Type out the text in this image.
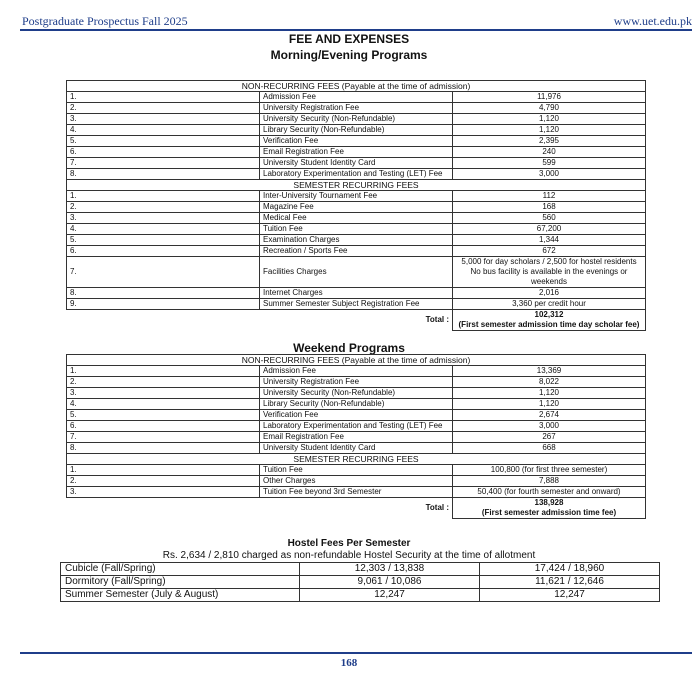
Postgraduate Prospectus Fall 2025	www.uet.edu.pk
FEE AND EXPENSES
Morning/Evening Programs
NON-RECURRING FEES (Payable at the time of admission)		
1.	Admission Fee	11,976
2.	University Registration Fee	4,790
3.	University Security (Non-Refundable)	1,120
4.	Library Security (Non-Refundable)	1,120
5.	Verification Fee	2,395
6.	Email Registration Fee	240
7.	University Student Identity Card	599
8.	Laboratory Experimentation and Testing (LET) Fee	3,000
SEMESTER RECURRING FEES		
1.	Inter-University Tournament Fee	112
2.	Magazine Fee	168
3.	Medical Fee	560
4.	Tuition Fee	67,200
5.	Examination Charges	1,344
6.	Recreation / Sports Fee	672
7.	Facilities Charges	5,000 for day scholars / 2,500 for hostel residents No bus facility is available in the evenings or weekends
8.	Internet Charges	2,016
9.	Summer Semester Subject Registration Fee	3,360 per credit hour
	Total :	102,312
(First semester admission time day scholar fee)
Weekend Programs
NON-RECURRING FEES (Payable at the time of admission)		
1.	Admission Fee	13,369
2.	University Registration Fee	8,022
3.	University Security (Non-Refundable)	1,120
4.	Library Security (Non-Refundable)	1,120
5.	Verification Fee	2,674
6.	Laboratory Experimentation and Testing (LET) Fee	3,000
7.	Email Registration Fee	267
8.	University Student Identity Card	668
SEMESTER RECURRING FEES		
1.	Tuition Fee	100,800 (for first three semester)
2.	Other Charges	7,888
3.	Tuition Fee beyond 3rd Semester	50,400 (for fourth semester and onward)
	Total :	138,928
(First semester admission time fee)
Hostel Fees Per Semester
Rs. 2,634 / 2,810 charged as non-refundable Hostel Security at the time of allotment
Cubicle (Fall/Spring)	12,303 / 13,838	17,424 / 18,960
Dormitory (Fall/Spring)	9,061 / 10,086	11,621 / 12,646
Summer Semester (July & August)	12,247	12,247
168
